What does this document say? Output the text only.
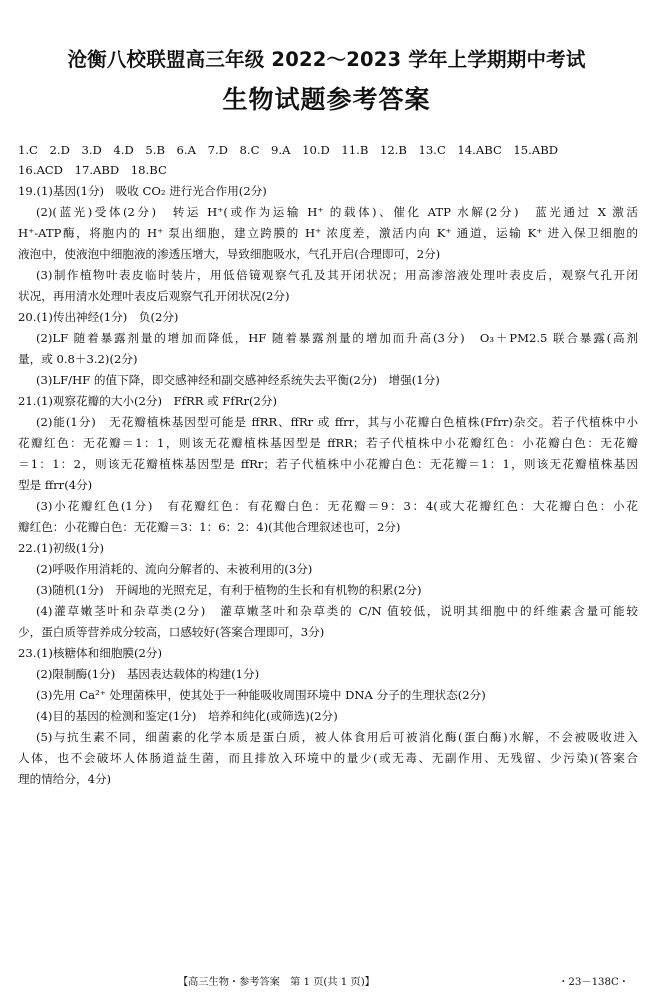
沧衡八校联盟高三年级 2022～2023 学年上学期期中考试
生物试题参考答案
1.C　2.D　3.D　4.D　5.B　6.A　7.D　8.C　9.A　10.D　11.B　12.B　13.C　14.ABC　15.ABD
16.ACD　17.ABD　18.BC
19.(1)基因(1分)　吸收 CO₂ 进行光合作用(2分)
(2)(蓝光)受体(2分)　转运 H⁺(或作为运输 H⁺ 的载体)、催化 ATP 水解(2分)　蓝光通过 X 激活
H⁺-ATP酶，将胞内的 H⁺ 泵出细胞，建立跨膜的 H⁺ 浓度差，激活内向 K⁺ 通道，运输 K⁺ 进入保卫细胞的
液泡中，使液泡中细胞液的渗透压增大，导致细胞吸水，气孔开启(合理即可，2分)
(3)制作植物叶表皮临时装片，用低倍镜观察气孔及其开闭状况；用高渗溶液处理叶表皮后，观察气孔开闭
状况，再用清水处理叶表皮后观察气孔开闭状况(2分)
20.(1)传出神经(1分)　负(2分)
(2)LF 随着暴露剂量的增加而降低，HF 随着暴露剂量的增加而升高(3分)　O₃＋PM2.5 联合暴露(高剂
量，或 0.8＋3.2)(2分)
(3)LF/HF 的值下降，即交感神经和副交感神经系统失去平衡(2分)　增强(1分)
21.(1)观察花瓣的大小(2分)　FfRR 或 FfRr(2分)
(2)能(1分)　无花瓣植株基因型可能是 ffRR、ffRr 或 ffrr，其与小花瓣白色植株(Ffrr)杂交。若子代植株中小
花瓣红色：无花瓣＝1：1，则该无花瓣植株基因型是 ffRR；若子代植株中小花瓣红色：小花瓣白色：无花瓣
＝1：1：2，则该无花瓣植株基因型是 ffRr；若子代植株中小花瓣白色：无花瓣＝1：1，则该无花瓣植株基因
型是 ffrr(4分)
(3)小花瓣红色(1分)　有花瓣红色：有花瓣白色：无花瓣＝9：3：4(或大花瓣红色：大花瓣白色：小花
瓣红色：小花瓣白色：无花瓣＝3：1：6：2：4)(其他合理叙述也可，2分)
22.(1)初级(1分)
(2)呼吸作用消耗的、流向分解者的、未被利用的(3分)
(3)随机(1分)　开阔地的光照充足，有利于植物的生长和有机物的积累(2分)
(4)灌草嫩茎叶和杂草类(2分)　灌草嫩茎叶和杂草类的 C/N 值较低，说明其细胞中的纤维素含量可能较
少，蛋白质等营养成分较高，口感较好(答案合理即可，3分)
23.(1)核糖体和细胞膜(2分)
(2)限制酶(1分)　基因表达载体的构建(1分)
(3)先用 Ca²⁺ 处理菌株甲，使其处于一种能吸收周围环境中 DNA 分子的生理状态(2分)
(4)目的基因的检测和鉴定(1分)　培养和纯化(或筛选)(2分)
(5)与抗生素不同，细菌素的化学本质是蛋白质，被人体食用后可被消化酶(蛋白酶)水解，不会被吸收进入
人体，也不会破坏人体肠道益生菌，而且排放入环境中的量少(或无毒、无副作用、无残留、少污染)(答案合
理的情给分，4分)
【高三生物・参考答案　第 1 页(共 1 页)】	・23－138C・
